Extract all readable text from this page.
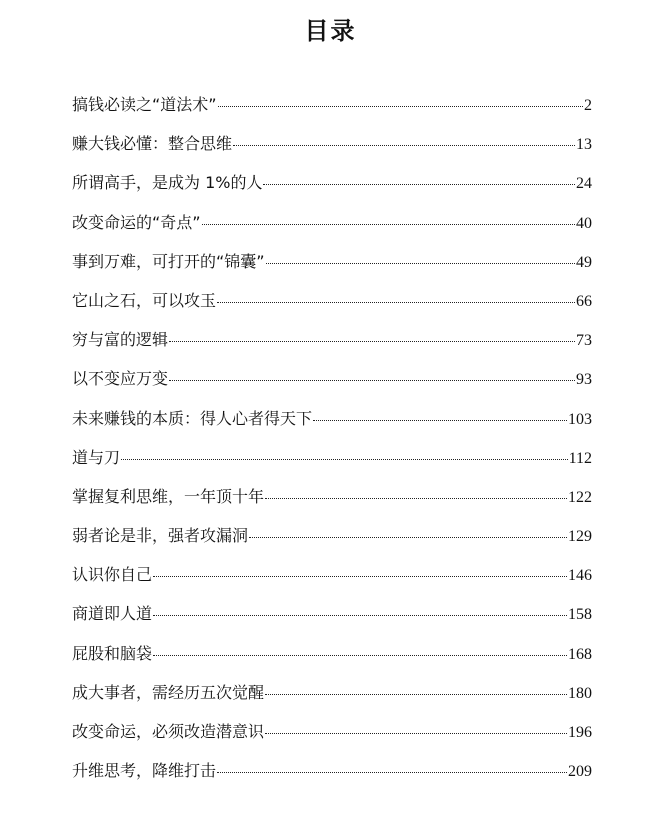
目录
搞钱必读之“道法术”	2
赚大钱必懂：整合思维	13
所谓高手，是成为 1%的人	24
改变命运的“奇点”	40
事到万难，可打开的“锦囊”	49
它山之石，可以攻玉	66
穷与富的逻辑	73
以不变应万变	93
未来赚钱的本质：得人心者得天下	103
道与刀	112
掌握复利思维，一年顶十年	122
弱者论是非，强者攻漏洞	129
认识你自己	146
商道即人道	158
屁股和脑袋	168
成大事者，需经历五次觉醒	180
改变命运，必须改造潜意识	196
升维思考，降维打击	209
